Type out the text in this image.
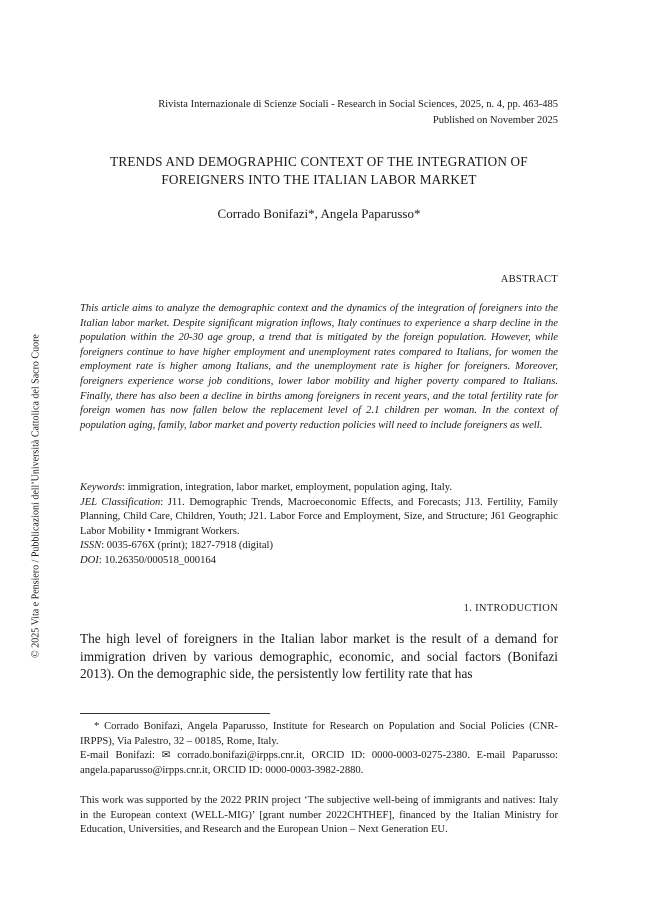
Rivista Internazionale di Scienze Sociali - Research in Social Sciences, 2025, n. 4, pp. 463-485
Published on November 2025
TRENDS AND DEMOGRAPHIC CONTEXT OF THE INTEGRATION OF FOREIGNERS INTO THE ITALIAN LABOR MARKET
Corrado Bonifazi*, Angela Paparusso*
ABSTRACT
This article aims to analyze the demographic context and the dynamics of the integration of foreigners into the Italian labor market. Despite significant migration inflows, Italy continues to experience a sharp decline in the population within the 20-30 age group, a trend that is mitigated by the foreign population. However, while foreigners continue to have higher employment and unemployment rates compared to Italians, for women the employment rate is higher among Italians, and the unemployment rate is higher for foreigners. Moreover, foreigners experience worse job conditions, lower labor mobility and higher poverty compared to Italians. Finally, there has also been a decline in births among foreigners in recent years, and the total fertility rate for foreign women has now fallen below the replacement level of 2.1 children per woman. In the context of population aging, family, labor market and poverty reduction policies will need to include foreigners as well.

Keywords: immigration, integration, labor market, employment, population aging, Italy.

JEL Classification: J11. Demographic Trends, Macroeconomic Effects, and Forecasts; J13. Fertility, Family Planning, Child Care, Children, Youth; J21. Labor Force and Employment, Size, and Structure; J61 Geographic Labor Mobility • Immigrant Workers.

ISSN: 0035-676X (print); 1827-7918 (digital)

DOI: 10.26350/000518_000164

1. INTRODUCTION
The high level of foreigners in the Italian labor market is the result of a demand for immigration driven by various demographic, economic, and social factors (Bonifazi 2013). On the demographic side, the persistently low fertility rate that has
* Corrado Bonifazi, Angela Paparusso, Institute for Research on Population and Social Policies (CNR-IRPPS), Via Palestro, 32 – 00185, Rome, Italy.
E-mail Bonifazi: ✉ corrado.bonifazi@irpps.cnr.it, ORCID ID: 0000-0003-0275-2380. E-mail Paparusso: angela.paparusso@irpps.cnr.it, ORCID ID: 0000-0003-3982-2880.
This work was supported by the 2022 PRIN project ‘The subjective well-being of immigrants and natives: Italy in the European context (WELL-MIG)’ [grant number 2022CHTHEF], financed by the Italian Ministry for Education, Universities, and Research and the European Union – Next Generation EU.
© 2025 Vita e Pensiero / Pubblicazioni dell’Università Cattolica del Sacro Cuore
